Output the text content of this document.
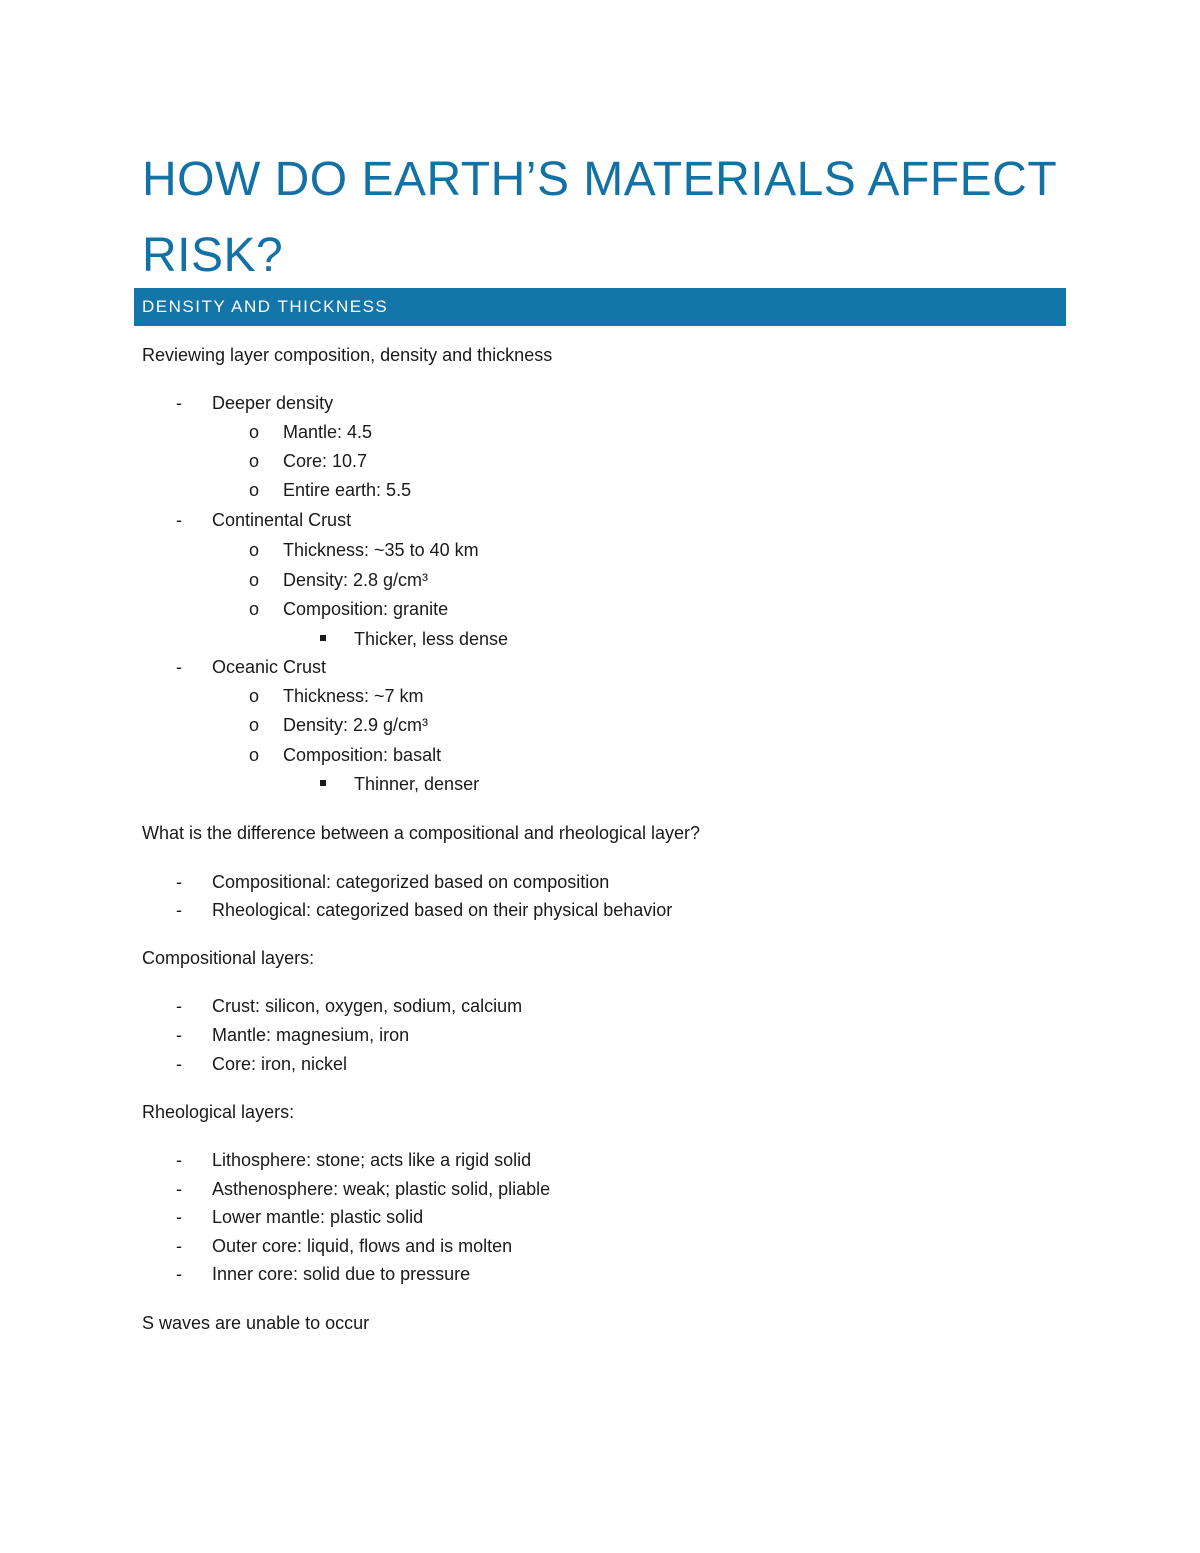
HOW DO EARTH’S MATERIALS AFFECT RISK?
DENSITY AND THICKNESS
Reviewing layer composition, density and thickness
- Deeper density
o Mantle: 4.5
o Core: 10.7
o Entire earth: 5.5
- Continental Crust
o Thickness: ~35 to 40 km
o Density: 2.8 g/cm³
o Composition: granite
Thicker, less dense
- Oceanic Crust
o Thickness: ~7 km
o Density: 2.9 g/cm³
o Composition: basalt
Thinner, denser
What is the difference between a compositional and rheological layer?
- Compositional: categorized based on composition
- Rheological: categorized based on their physical behavior
Compositional layers:
- Crust: silicon, oxygen, sodium, calcium
- Mantle: magnesium, iron
- Core: iron, nickel
Rheological layers:
- Lithosphere: stone; acts like a rigid solid
- Asthenosphere: weak; plastic solid, pliable
- Lower mantle: plastic solid
- Outer core: liquid, flows and is molten
- Inner core: solid due to pressure
S waves are unable to occur
